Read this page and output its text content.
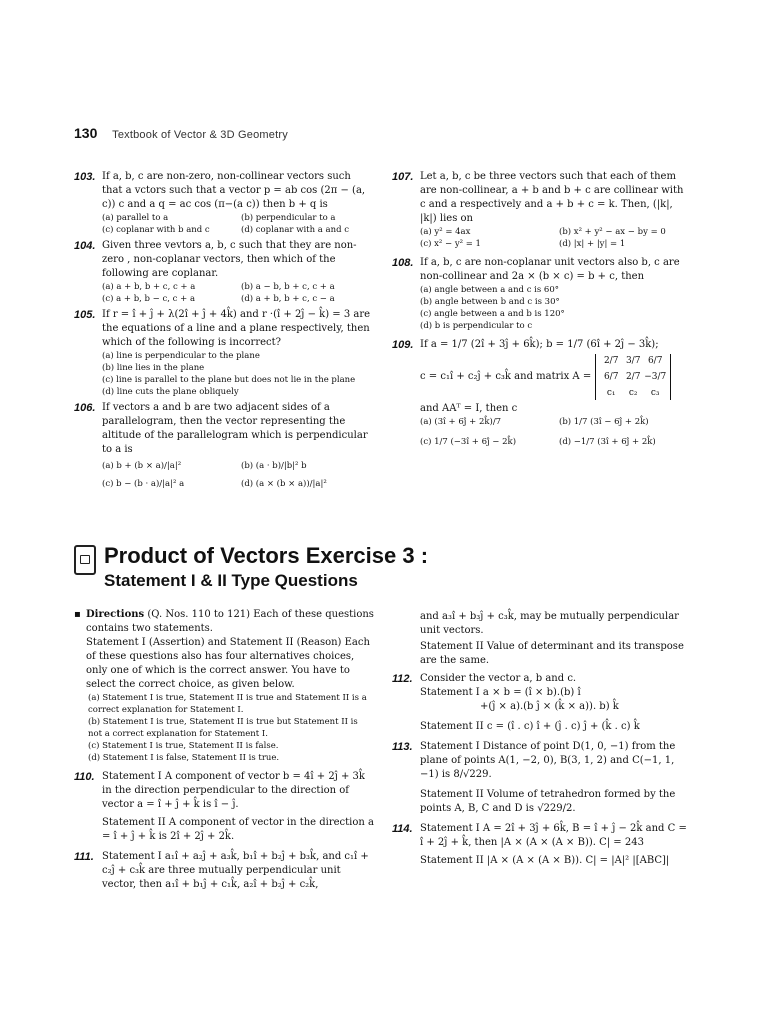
130 Textbook of Vector & 3D Geometry
103. If a, b, c are non-zero, non-collinear vectors such that a vctors such that a vector p = ab cos (2π − (a, c)) c and a q = ac cos (π−(a c)) then b + q is
(a) parallel to a	(b) perpendicular to a
(c) coplanar with b and c	(d) coplanar with a and c
104. Given three vevtors a, b, c such that they are non-zero , non-coplanar vectors, then which of the following are coplanar.
(a) a + b, b + c, c + a	(b) a − b, b + c, c + a
(c) a + b, b − c, c + a	(d) a + b, b + c, c − a
105. If r = î + ĵ + λ(2î + ĵ + 4k̂) and r ·(î + 2ĵ − k̂) = 3 are the equations of a line and a plane respectively, then which of the following is incorrect?
(a) line is perpendicular to the plane
(b) line lies in the plane
(c) line is parallel to the plane but does not lie in the plane
(d) line cuts the plane obliquely
106. If vectors a and b are two adjacent sides of a parallelogram, then the vector representing the altitude of the parallelogram which is perpendicular to a is
(a) b + (b × a)/|a|²	(b) (a · b)/|b|² b
(c) b − (b · a)/|a|² a	(d) (a × (b × a))/|a|²
107. Let a, b, c be three vectors such that each of them are non-collinear, a + b and b + c are collinear with c and a respectively and a + b + c = k. Then, (|k|, |k|) lies on
(a) y² = 4ax	(b) x² + y² − ax − by = 0
(c) x² − y² = 1	(d) |x| + |y| = 1
108. If a, b, c are non-coplanar unit vectors also b, c are non-collinear and 2a × (b × c) = b + c, then
(a) angle between a and c is 60°
(b) angle between b and c is 30°
(c) angle between a and b is 120°
(d) b is perpendicular to c
109. If a = 1/7 (2î + 3ĵ + 6k̂); b = 1/7 (6î + 2ĵ − 3k̂);
c = c₁î + c₂ĵ + c₃k̂ and matrix A =
2/7 3/7 6/7
6/7 2/7 −3/7
c₁	c₂	c₃
and AAᵀ = I, then c
(a) (3î + 6ĵ + 2k̂)/7	(b) 1/7 (3î − 6ĵ + 2k̂)
(c) 1/7 (−3î + 6ĵ − 2k̂)	(d) −1/7 (3î + 6ĵ + 2k̂)
Product of Vectors Exercise 3 :
Statement I & II Type Questions
▪ Directions (Q. Nos. 110 to 121) Each of these questions contains two statements.
Statement I (Assertion) and Statement II (Reason) Each of these questions also has four alternatives choices, only one of which is the correct answer. You have to select the correct choice, as given below.
(a) Statement I is true, Statement II is true and Statement II is a correct explanation for Statement I.
(b) Statement I is true, Statement II is true but Statement II is not a correct explanation for Statement I.
(c) Statement I is true, Statement II is false.
(d) Statement I is false, Statement II is true.
110. Statement I A component of vector b = 4î + 2ĵ + 3k̂ in the direction perpendicular to the direction of vector a = î + ĵ + k̂ is î − ĵ.
Statement II A component of vector in the direction a = î + ĵ + k̂ is 2î + 2ĵ + 2k̂.
111. Statement I a₁î + a₂ĵ + a₃k̂, b₁î + b₂ĵ + b₃k̂, and c₁î + c₂ĵ + c₃k̂ are three mutually perpendicular unit vector, then a₁î + b₁ĵ + c₁k̂, a₂î + b₂ĵ + c₂k̂,
and a₃î + b₃ĵ + c₃k̂, may be mutually perpendicular unit vectors.
Statement II Value of determinant and its transpose are the same.
112. Consider the vector a, b and c.
Statement I a × b = (î × b).(b) î
+(ĵ × a).(b ĵ × (k̂ × a)). b) k̂
Statement II c = (î . c) î + (ĵ . c) ĵ + (k̂ . c) k̂
113. Statement I Distance of point D(1, 0, −1) from the plane of points A(1, −2, 0), B(3, 1, 2) and C(−1, 1, −1) is 8/√229.
Statement II Volume of tetrahedron formed by the points A, B, C and D is √229/2.
114. Statement I A = 2î + 3ĵ + 6k̂, B = î + ĵ − 2k̂ and C = î + 2ĵ + k̂, then |A × (A × (A × B)). C| = 243
Statement II |A × (A × (A × B)). C| = |A|² |[ABC]|
